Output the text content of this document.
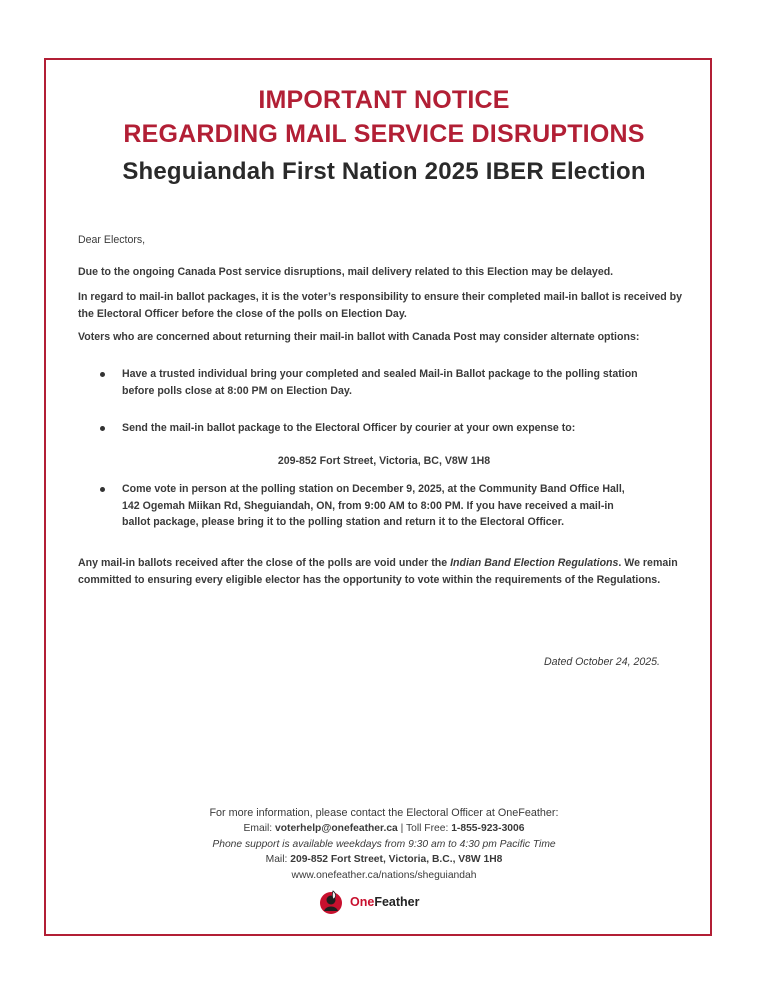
IMPORTANT NOTICE
REGARDING MAIL SERVICE DISRUPTIONS
Sheguiandah First Nation 2025 IBER Election

Dear Electors,

Due to the ongoing Canada Post service disruptions, mail delivery related to this Election may be delayed.

In regard to mail-in ballot packages, it is the voter’s responsibility to ensure their completed mail-in ballot is received by the Electoral Officer before the close of the polls on Election Day.

Voters who are concerned about returning their mail-in ballot with Canada Post may consider alternate options:

Have a trusted individual bring your completed and sealed Mail-in Ballot package to the polling station before polls close at 8:00 PM on Election Day.

Send the mail-in ballot package to the Electoral Officer by courier at your own expense to:

209-852 Fort Street, Victoria, BC, V8W 1H8

Come vote in person at the polling station on December 9, 2025, at the Community Band Office Hall, 142 Ogemah Miikan Rd, Sheguiandah, ON, from 9:00 AM to 8:00 PM. If you have received a mail-in ballot package, please bring it to the polling station and return it to the Electoral Officer.

Any mail-in ballots received after the close of the polls are void under the Indian Band Election Regulations. We remain committed to ensuring every eligible elector has the opportunity to vote within the requirements of the Regulations.

Dated October 24, 2025.

For more information, please contact the Electoral Officer at OneFeather:

Email: voterhelp@onefeather.ca | Toll Free: 1-855-923-3006

Phone support is available weekdays from 9:30 am to 4:30 pm Pacific Time

Mail: 209-852 Fort Street, Victoria, B.C., V8W 1H8

www.onefeather.ca/nations/sheguiandah

OneFeather
